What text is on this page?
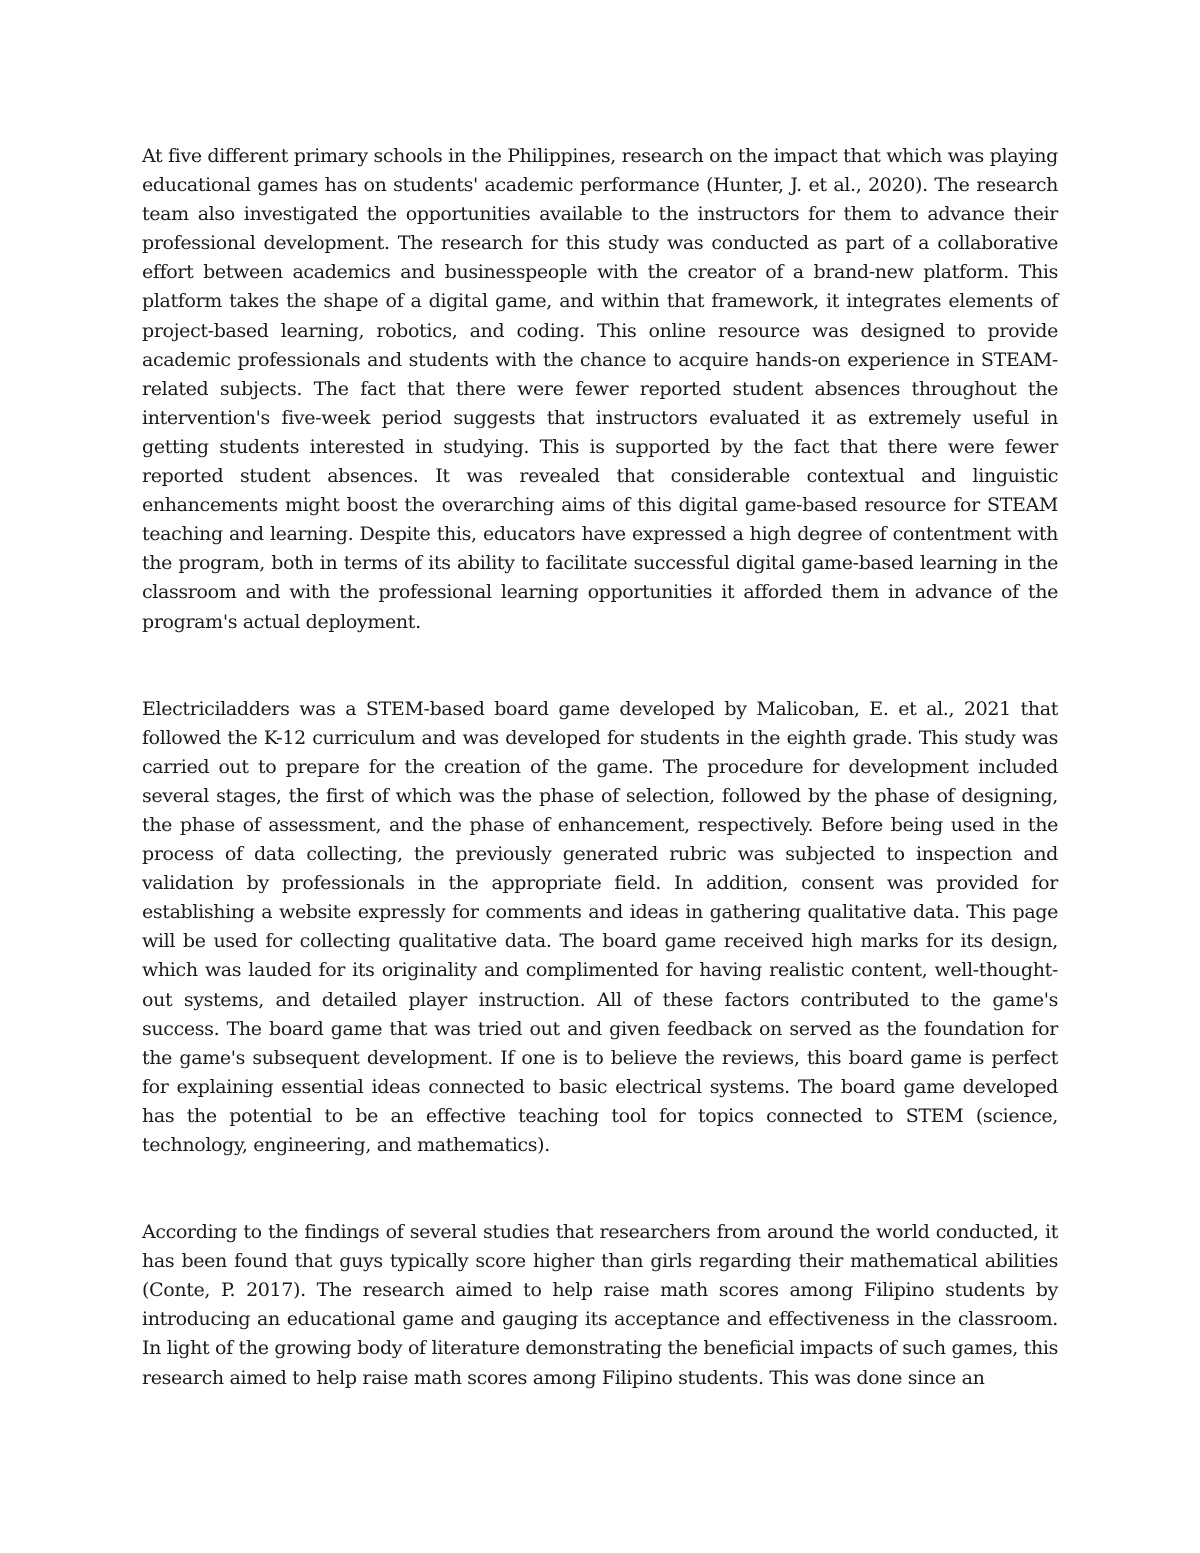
At five different primary schools in the Philippines, research on the impact that which was playing educational games has on students' academic performance (Hunter, J. et al., 2020). The research team also investigated the opportunities available to the instructors for them to advance their professional development. The research for this study was conducted as part of a collaborative effort between academics and businesspeople with the creator of a brand-new platform. This platform takes the shape of a digital game, and within that framework, it integrates elements of project-based learning, robotics, and coding. This online resource was designed to provide academic professionals and students with the chance to acquire hands-on experience in STEAM-related subjects. The fact that there were fewer reported student absences throughout the intervention's five-week period suggests that instructors evaluated it as extremely useful in getting students interested in studying. This is supported by the fact that there were fewer reported student absences. It was revealed that considerable contextual and linguistic enhancements might boost the overarching aims of this digital game-based resource for STEAM teaching and learning. Despite this, educators have expressed a high degree of contentment with the program, both in terms of its ability to facilitate successful digital game-based learning in the classroom and with the professional learning opportunities it afforded them in advance of the program's actual deployment.

Electriciladders was a STEM-based board game developed by Malicoban, E. et al., 2021 that followed the K-12 curriculum and was developed for students in the eighth grade. This study was carried out to prepare for the creation of the game. The procedure for development included several stages, the first of which was the phase of selection, followed by the phase of designing, the phase of assessment, and the phase of enhancement, respectively. Before being used in the process of data collecting, the previously generated rubric was subjected to inspection and validation by professionals in the appropriate field. In addition, consent was provided for establishing a website expressly for comments and ideas in gathering qualitative data. This page will be used for collecting qualitative data. The board game received high marks for its design, which was lauded for its originality and complimented for having realistic content, well-thought-out systems, and detailed player instruction. All of these factors contributed to the game's success. The board game that was tried out and given feedback on served as the foundation for the game's subsequent development. If one is to believe the reviews, this board game is perfect for explaining essential ideas connected to basic electrical systems. The board game developed has the potential to be an effective teaching tool for topics connected to STEM (science, technology, engineering, and mathematics).

According to the findings of several studies that researchers from around the world conducted, it has been found that guys typically score higher than girls regarding their mathematical abilities (Conte, P. 2017). The research aimed to help raise math scores among Filipino students by introducing an educational game and gauging its acceptance and effectiveness in the classroom. In light of the growing body of literature demonstrating the beneficial impacts of such games, this research aimed to help raise math scores among Filipino students. This was done since an
